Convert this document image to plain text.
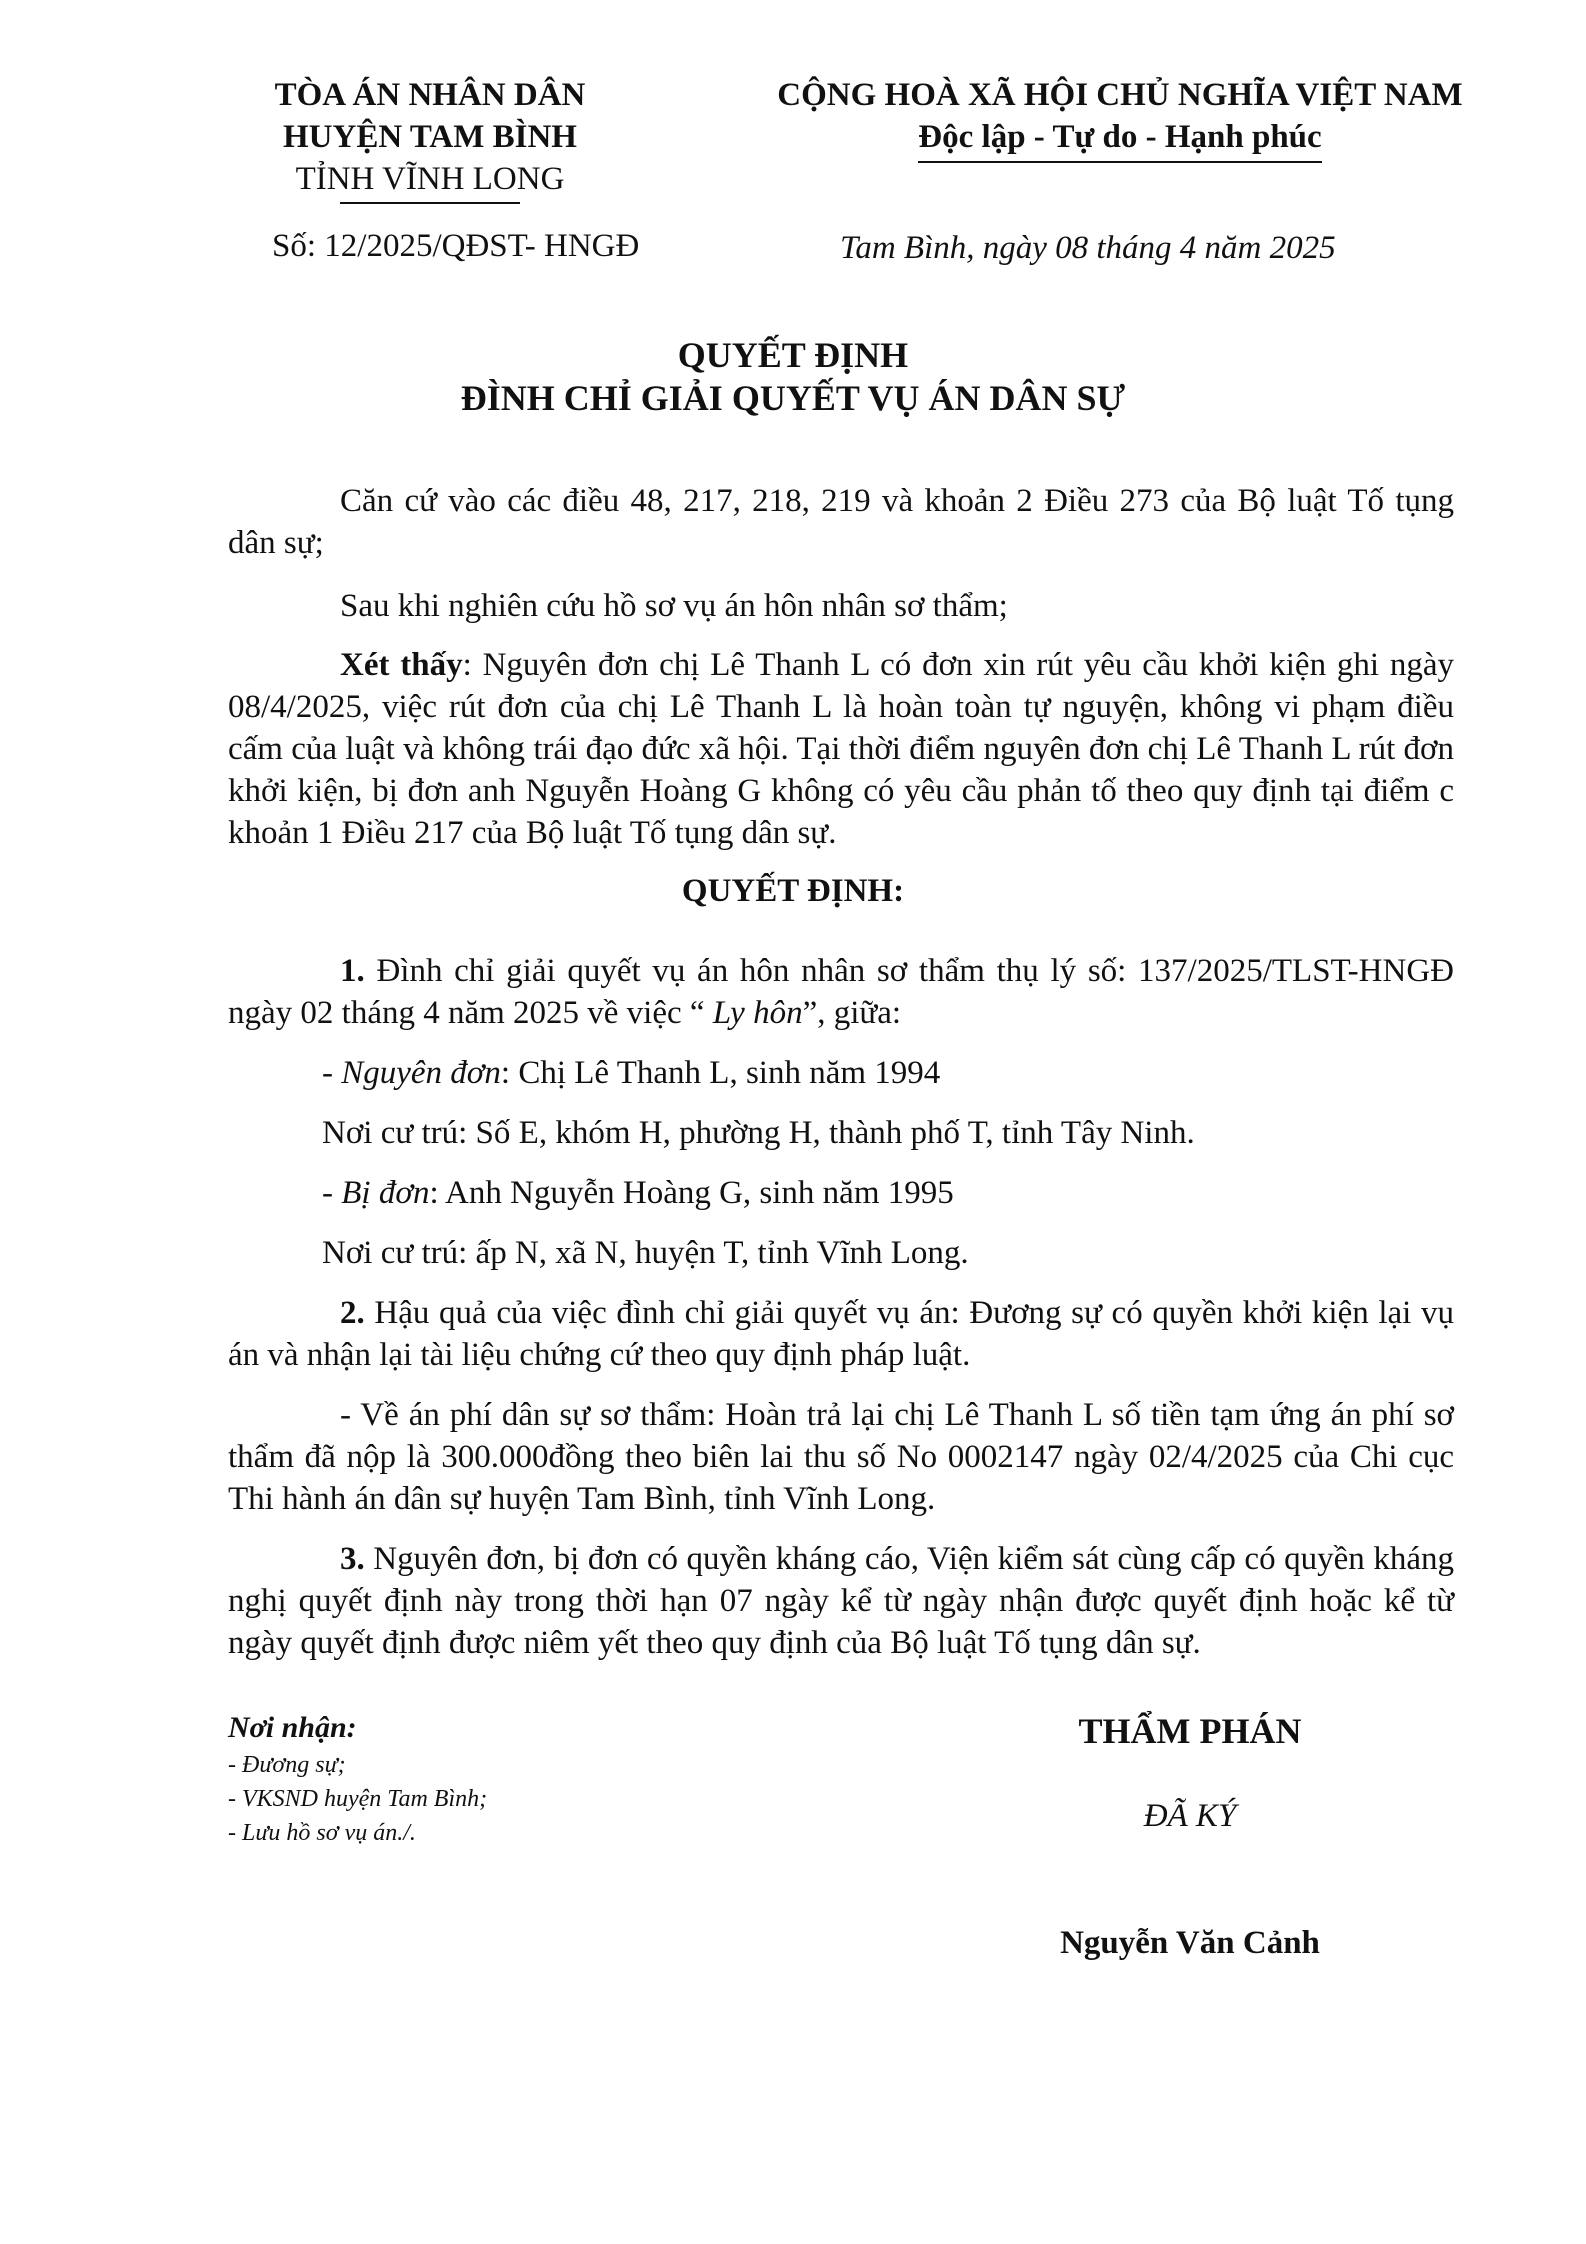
TÒA ÁN NHÂN DÂN
HUYỆN TAM BÌNH
TỈNH VĨNH LONG
CỘNG HOÀ XÃ HỘI CHỦ NGHĨA VIỆT NAM
Độc lập - Tự do - Hạnh phúc
Số: 12/2025/QĐST- HNGĐ	Tam Bình, ngày 08 tháng 4 năm 2025
QUYẾT ĐỊNH
ĐÌNH CHỈ GIẢI QUYẾT VỤ ÁN DÂN SỰ
Căn cứ vào các điều 48, 217, 218, 219 và khoản 2 Điều 273 của Bộ luật Tố tụng dân sự;
Sau khi nghiên cứu hồ sơ vụ án hôn nhân sơ thẩm;
Xét thấy: Nguyên đơn chị Lê Thanh L có đơn xin rút yêu cầu khởi kiện ghi ngày 08/4/2025, việc rút đơn của chị Lê Thanh L là hoàn toàn tự nguyện, không vi phạm điều cấm của luật và không trái đạo đức xã hội. Tại thời điểm nguyên đơn chị Lê Thanh L rút đơn khởi kiện, bị đơn anh Nguyễn Hoàng G không có yêu cầu phản tố theo quy định tại điểm c khoản 1 Điều 217 của Bộ luật Tố tụng dân sự.
QUYẾT ĐỊNH:
1. Đình chỉ giải quyết vụ án hôn nhân sơ thẩm thụ lý số: 137/2025/TLST-HNGĐ ngày 02 tháng 4 năm 2025 về việc “ Ly hôn”, giữa:
- Nguyên đơn: Chị Lê Thanh L, sinh năm 1994
Nơi cư trú: Số E, khóm H, phường H, thành phố T, tỉnh Tây Ninh.
- Bị đơn: Anh Nguyễn Hoàng G, sinh năm 1995
Nơi cư trú: ấp N, xã N, huyện T, tỉnh Vĩnh Long.
2. Hậu quả của việc đình chỉ giải quyết vụ án: Đương sự có quyền khởi kiện lại vụ án và nhận lại tài liệu chứng cứ theo quy định pháp luật.
- Về án phí dân sự sơ thẩm: Hoàn trả lại chị Lê Thanh L số tiền tạm ứng án phí sơ thẩm đã nộp là 300.000đồng theo biên lai thu số No 0002147 ngày 02/4/2025 của Chi cục Thi hành án dân sự huyện Tam Bình, tỉnh Vĩnh Long.
3. Nguyên đơn, bị đơn có quyền kháng cáo, Viện kiểm sát cùng cấp có quyền kháng nghị quyết định này trong thời hạn 07 ngày kể từ ngày nhận được quyết định hoặc kể từ ngày quyết định được niêm yết theo quy định của Bộ luật Tố tụng dân sự.
Nơi nhận:
- Đương sự;
- VKSND huyện Tam Bình;
- Lưu hồ sơ vụ án./.
THẨM PHÁN
ĐÃ KÝ
Nguyễn Văn Cảnh
